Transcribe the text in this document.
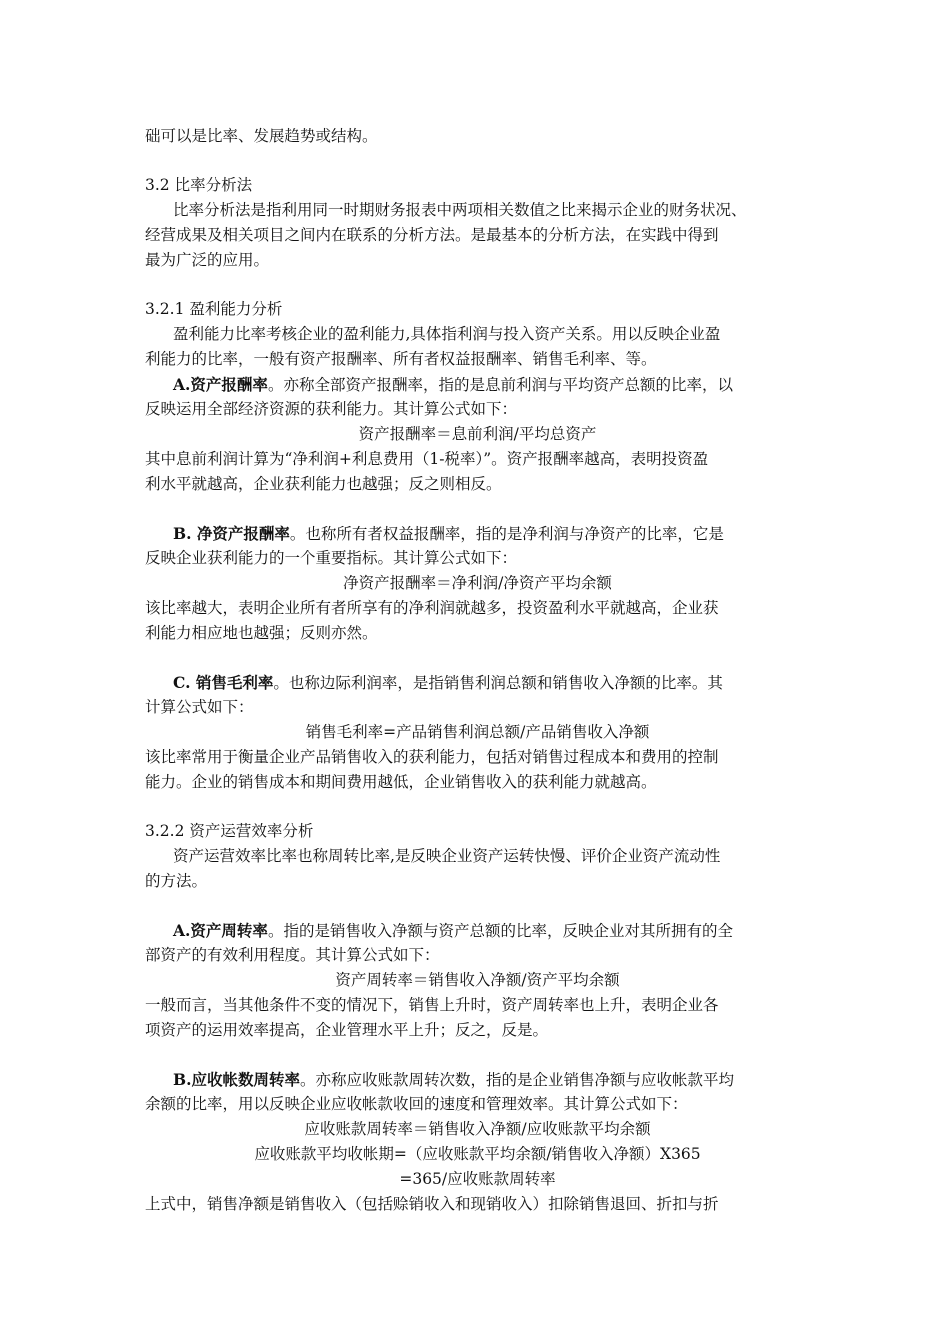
础可以是比率、发展趋势或结构。
3.2 比率分析法
比率分析法是指利用同一时期财务报表中两项相关数值之比来揭示企业的财务状况、
经营成果及相关项目之间内在联系的分析方法。是最基本的分析方法，在实践中得到
最为广泛的应用。
3.2.1 盈利能力分析
盈利能力比率考核企业的盈利能力,具体指利润与投入资产关系。用以反映企业盈
利能力的比率，一般有资产报酬率、所有者权益报酬率、销售毛利率、等。
A.资产报酬率。亦称全部资产报酬率，指的是息前利润与平均资产总额的比率，以
反映运用全部经济资源的获利能力。其计算公式如下：
资产报酬率＝息前利润/平均总资产
其中息前利润计算为“净利润+利息费用（1-税率）”。资产报酬率越高，表明投资盈
利水平就越高，企业获利能力也越强；反之则相反。
B. 净资产报酬率。也称所有者权益报酬率，指的是净利润与净资产的比率，它是
反映企业获利能力的一个重要指标。其计算公式如下：
净资产报酬率＝净利润/净资产平均余额
该比率越大，表明企业所有者所享有的净利润就越多，投资盈利水平就越高，企业获
利能力相应地也越强；反则亦然。
C. 销售毛利率。也称边际利润率，是指销售利润总额和销售收入净额的比率。其
计算公式如下：
销售毛利率=产品销售利润总额/产品销售收入净额
该比率常用于衡量企业产品销售收入的获利能力，包括对销售过程成本和费用的控制
能力。企业的销售成本和期间费用越低，企业销售收入的获利能力就越高。
3.2.2 资产运营效率分析
资产运营效率比率也称周转比率,是反映企业资产运转快慢、评价企业资产流动性
的方法。
A.资产周转率。指的是销售收入净额与资产总额的比率，反映企业对其所拥有的全
部资产的有效利用程度。其计算公式如下：
资产周转率＝销售收入净额/资产平均余额
一般而言，当其他条件不变的情况下，销售上升时，资产周转率也上升，表明企业各
项资产的运用效率提高，企业管理水平上升；反之，反是。
B.应收帐数周转率。亦称应收账款周转次数，指的是企业销售净额与应收帐款平均
余额的比率，用以反映企业应收帐款收回的速度和管理效率。其计算公式如下：
应收账款周转率＝销售收入净额/应收账款平均余额
应收账款平均收帐期=（应收账款平均余额/销售收入净额）X365
=365/应收账款周转率
上式中，销售净额是销售收入（包括赊销收入和现销收入）扣除销售退回、折扣与折
